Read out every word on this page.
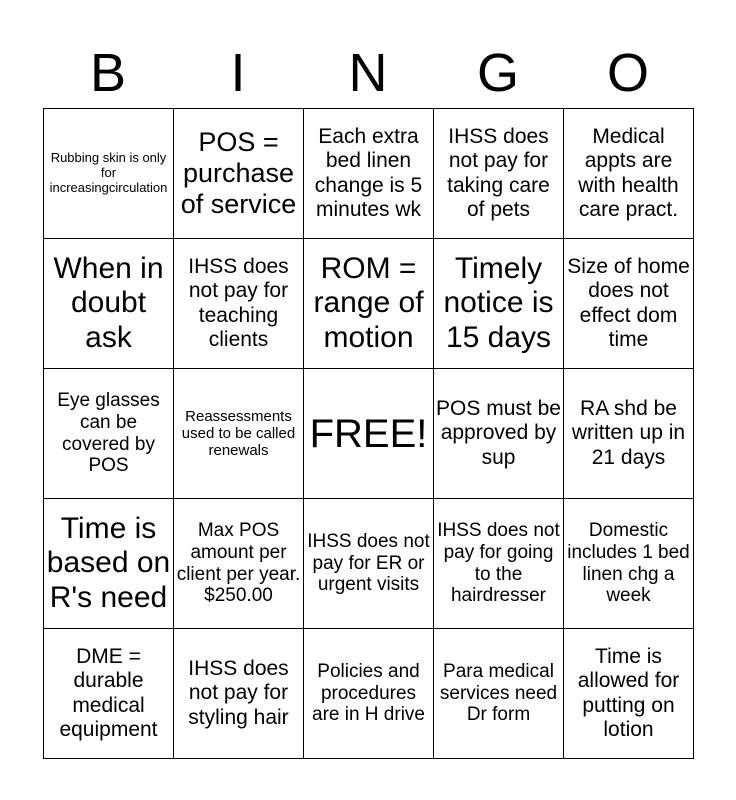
B	I	N	G	O
Rubbing skin is only for increasingcirculation	POS = purchase of service	Each extra bed linen change is 5 minutes wk	IHSS does not pay for taking care of pets	Medical appts are with health care pract.
When in doubt ask	IHSS does not pay for teaching clients	ROM = range of motion	Timely notice is 15 days	Size of home does not effect dom time
Eye glasses can be covered by POS	Reassessments used to be called renewals	FREE!	POS must be approved by sup	RA shd be written up in 21 days
Time is based on R's need	Max POS amount per client per year. $250.00	IHSS does not pay for ER or urgent visits	IHSS does not pay for going to the hairdresser	Domestic includes 1 bed linen chg a week
DME = durable medical equipment	IHSS does not pay for styling hair	Policies and procedures are in H drive	Para medical services need Dr form	Time is allowed for putting on lotion
